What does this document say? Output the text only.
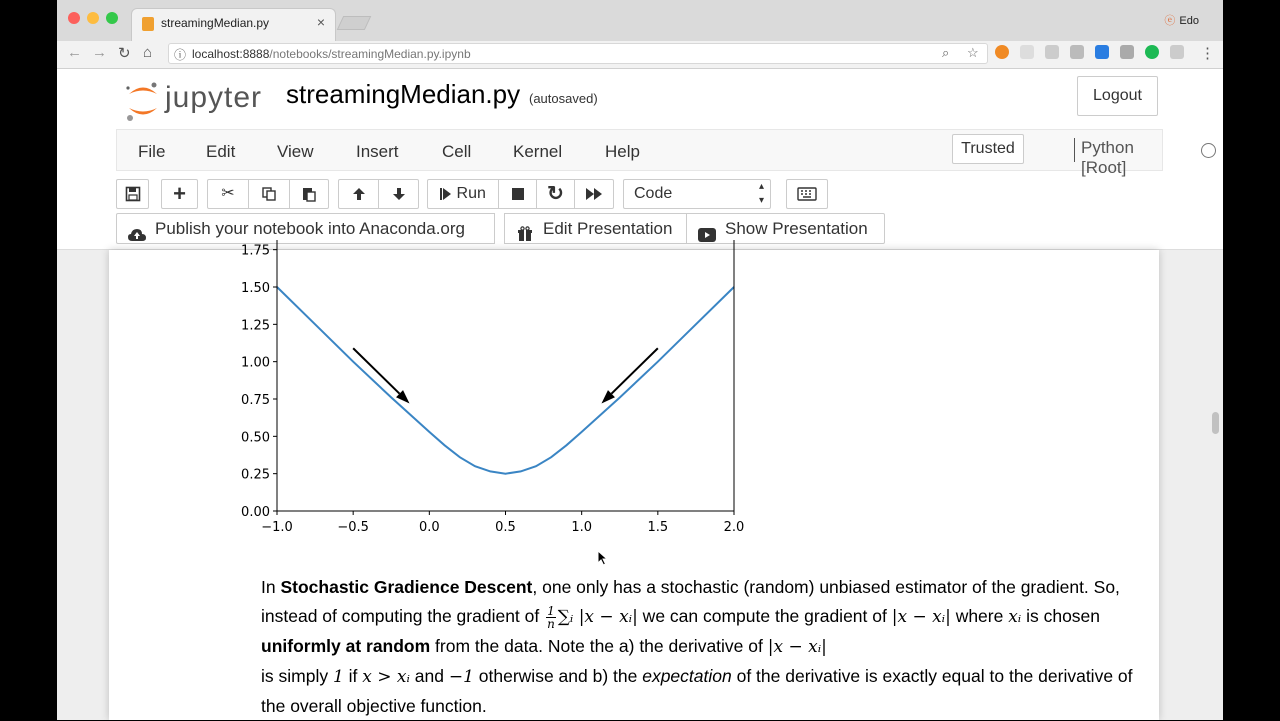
streamingMedian.py	×	ⓔ Edo
← → ↻ ⌂ ⓘ localhost:8888/notebooks/streamingMedian.py.ipynb	⌕ ☆	⋮
jupyter streamingMedian.py (autosaved)	Logout
File Edit View Insert	Cell Kernel	Help	Trusted	Python [Root]
+	✂	Run	↻	Code	▴
▾
Publish your notebook into Anaconda.org	Edit Presentation	Show Presentation
−1.0	−0.5	0.0	0.5	1.0	1.5	2.0
0.00
0.25
0.50
0.75
1.00
1.25
1.50
1.75
In Stochastic Gradience Descent, one only has a stochastic (random) unbiased estimator of the gradient. So, instead of computing the gradient of $\frac{1}{n}$ ∑ᵢ |x − xᵢ| we can compute the gradient of |x − xᵢ| where xᵢ is chosen uniformly at random from the data. Note the a) the derivative of |x − xᵢ|
is simply 1 if x > xᵢ and −1 otherwise and b) the expectation of the derivative is exactly equal to the derivative of the overall objective function.
